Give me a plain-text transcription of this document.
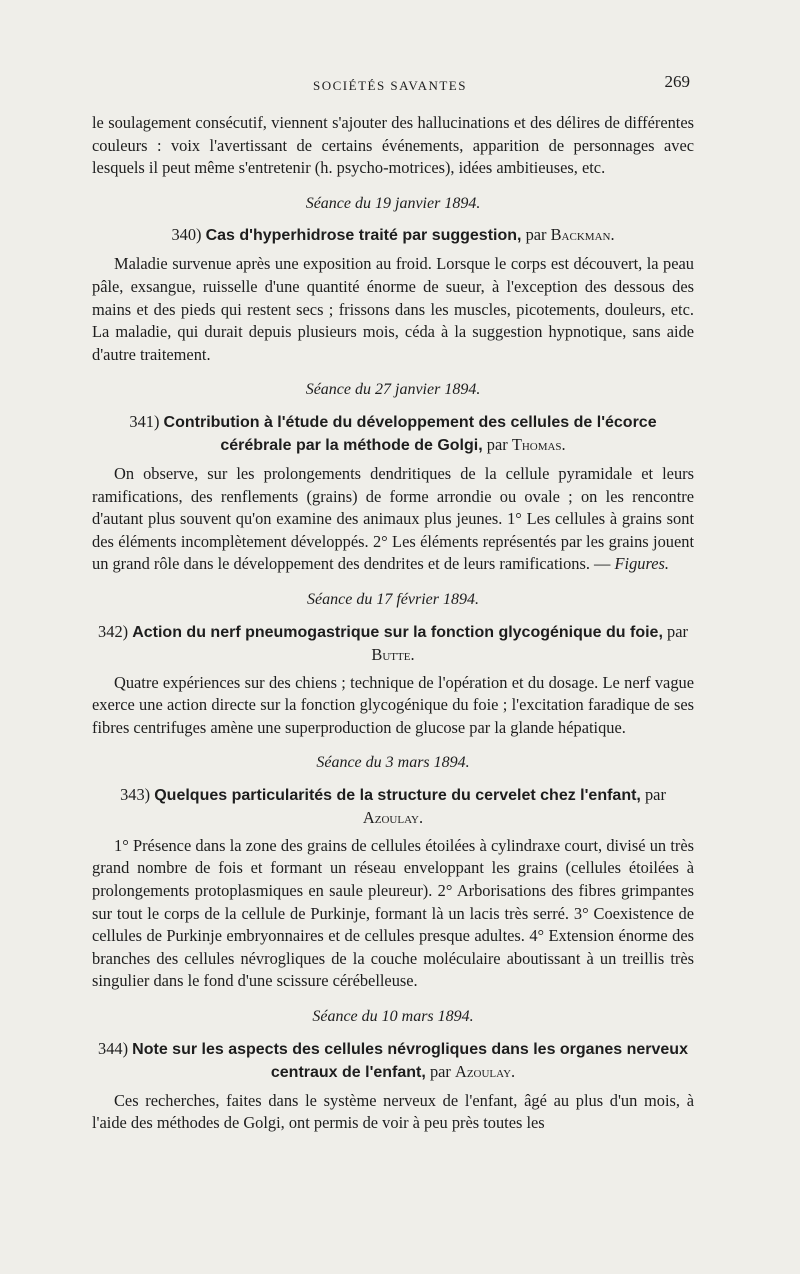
SOCIÉTÉS SAVANTES	269

le soulagement consécutif, viennent s'ajouter des hallucinations et des délires de différentes couleurs : voix l'avertissant de certains événements, apparition de personnages avec lesquels il peut même s'entretenir (h. psycho-motrices), idées ambitieuses, etc.

Séance du 19 janvier 1894.
340) Cas d'hyperhidrose traité par suggestion, par Backman.

Maladie survenue après une exposition au froid. Lorsque le corps est découvert, la peau pâle, exsangue, ruisselle d'une quantité énorme de sueur, à l'exception des dessous des mains et des pieds qui restent secs ; frissons dans les muscles, picotements, douleurs, etc. La maladie, qui durait depuis plusieurs mois, céda à la suggestion hypnotique, sans aide d'autre traitement.

Séance du 27 janvier 1894.
341) Contribution à l'étude du développement des cellules de l'écorce cérébrale par la méthode de Golgi, par Thomas.

On observe, sur les prolongements dendritiques de la cellule pyramidale et leurs ramifications, des renflements (grains) de forme arrondie ou ovale ; on les rencontre d'autant plus souvent qu'on examine des animaux plus jeunes. 1° Les cellules à grains sont des éléments incomplètement développés. 2° Les éléments représentés par les grains jouent un grand rôle dans le développement des dendrites et de leurs ramifications. — Figures.

Séance du 17 février 1894.
342) Action du nerf pneumogastrique sur la fonction glycogénique du foie, par Butte.

Quatre expériences sur des chiens ; technique de l'opération et du dosage. Le nerf vague exerce une action directe sur la fonction glycogénique du foie ; l'excitation faradique de ses fibres centrifuges amène une superproduction de glucose par la glande hépatique.

Séance du 3 mars 1894.
343) Quelques particularités de la structure du cervelet chez l'enfant, par Azoulay.

1° Présence dans la zone des grains de cellules étoilées à cylindraxe court, divisé un très grand nombre de fois et formant un réseau enveloppant les grains (cellules étoilées à prolongements protoplasmiques en saule pleureur). 2° Arborisations des fibres grimpantes sur tout le corps de la cellule de Purkinje, formant là un lacis très serré. 3° Coexistence de cellules de Purkinje embryonnaires et de cellules presque adultes. 4° Extension énorme des branches des cellules névrogliques de la couche moléculaire aboutissant à un treillis très singulier dans le fond d'une scissure cérébelleuse.

Séance du 10 mars 1894.
344) Note sur les aspects des cellules névrogliques dans les organes nerveux centraux de l'enfant, par Azoulay.

Ces recherches, faites dans le système nerveux de l'enfant, âgé au plus d'un mois, à l'aide des méthodes de Golgi, ont permis de voir à peu près toutes les
